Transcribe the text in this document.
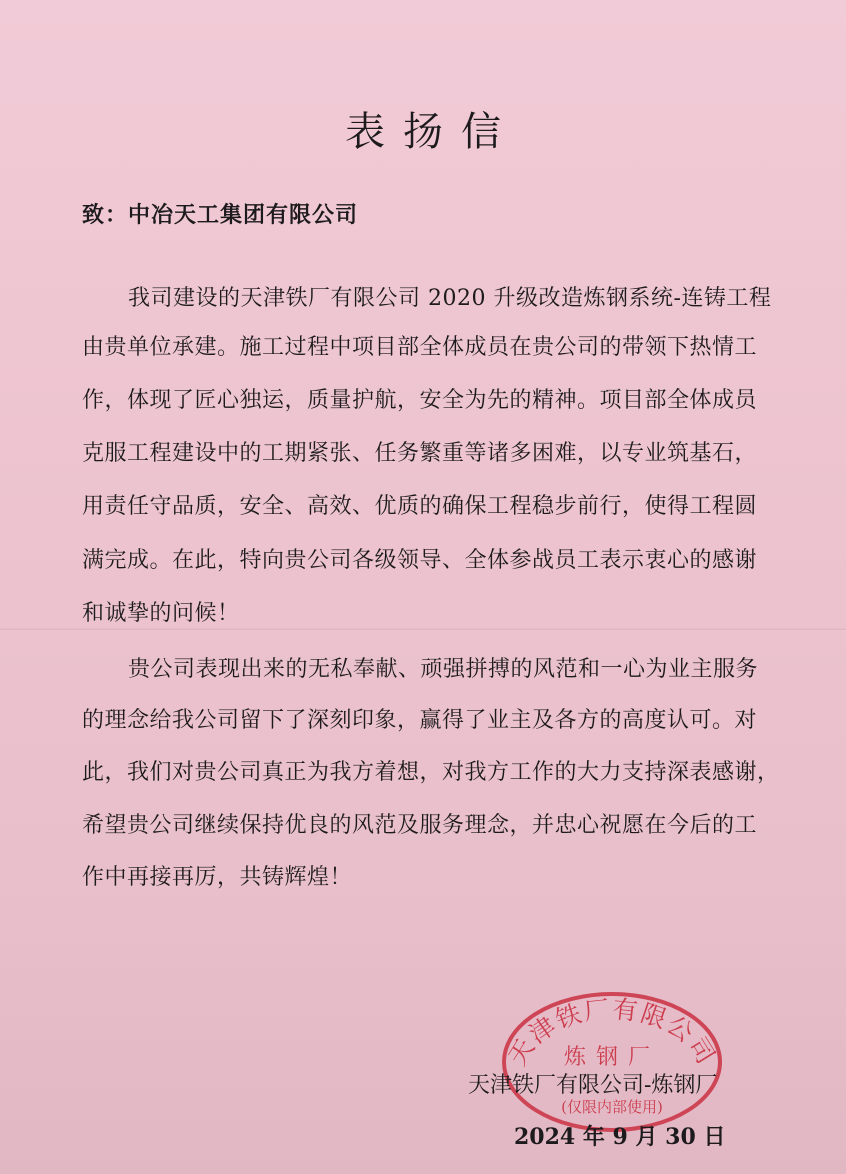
表扬信
致：中冶天工集团有限公司
我司建设的天津铁厂有限公司 2020 升级改造炼钢系统-连铸工程
由贵单位承建。施工过程中项目部全体成员在贵公司的带领下热情工
作，体现了匠心独运，质量护航，安全为先的精神。项目部全体成员
克服工程建设中的工期紧张、任务繁重等诸多困难，以专业筑基石，
用责任守品质，安全、高效、优质的确保工程稳步前行，使得工程圆
满完成。在此，特向贵公司各级领导、全体参战员工表示衷心的感谢
和诚挚的问候！
贵公司表现出来的无私奉献、顽强拼搏的风范和一心为业主服务
的理念给我公司留下了深刻印象，赢得了业主及各方的高度认可。对
此，我们对贵公司真正为我方着想，对我方工作的大力支持深表感谢，
希望贵公司继续保持优良的风范及服务理念，并忠心祝愿在今后的工
作中再接再厉，共铸辉煌！
天津铁厂有限公司
炼钢厂
(仅限内部使用)
天津铁厂有限公司-炼钢厂
2024 年 9 月 30 日
